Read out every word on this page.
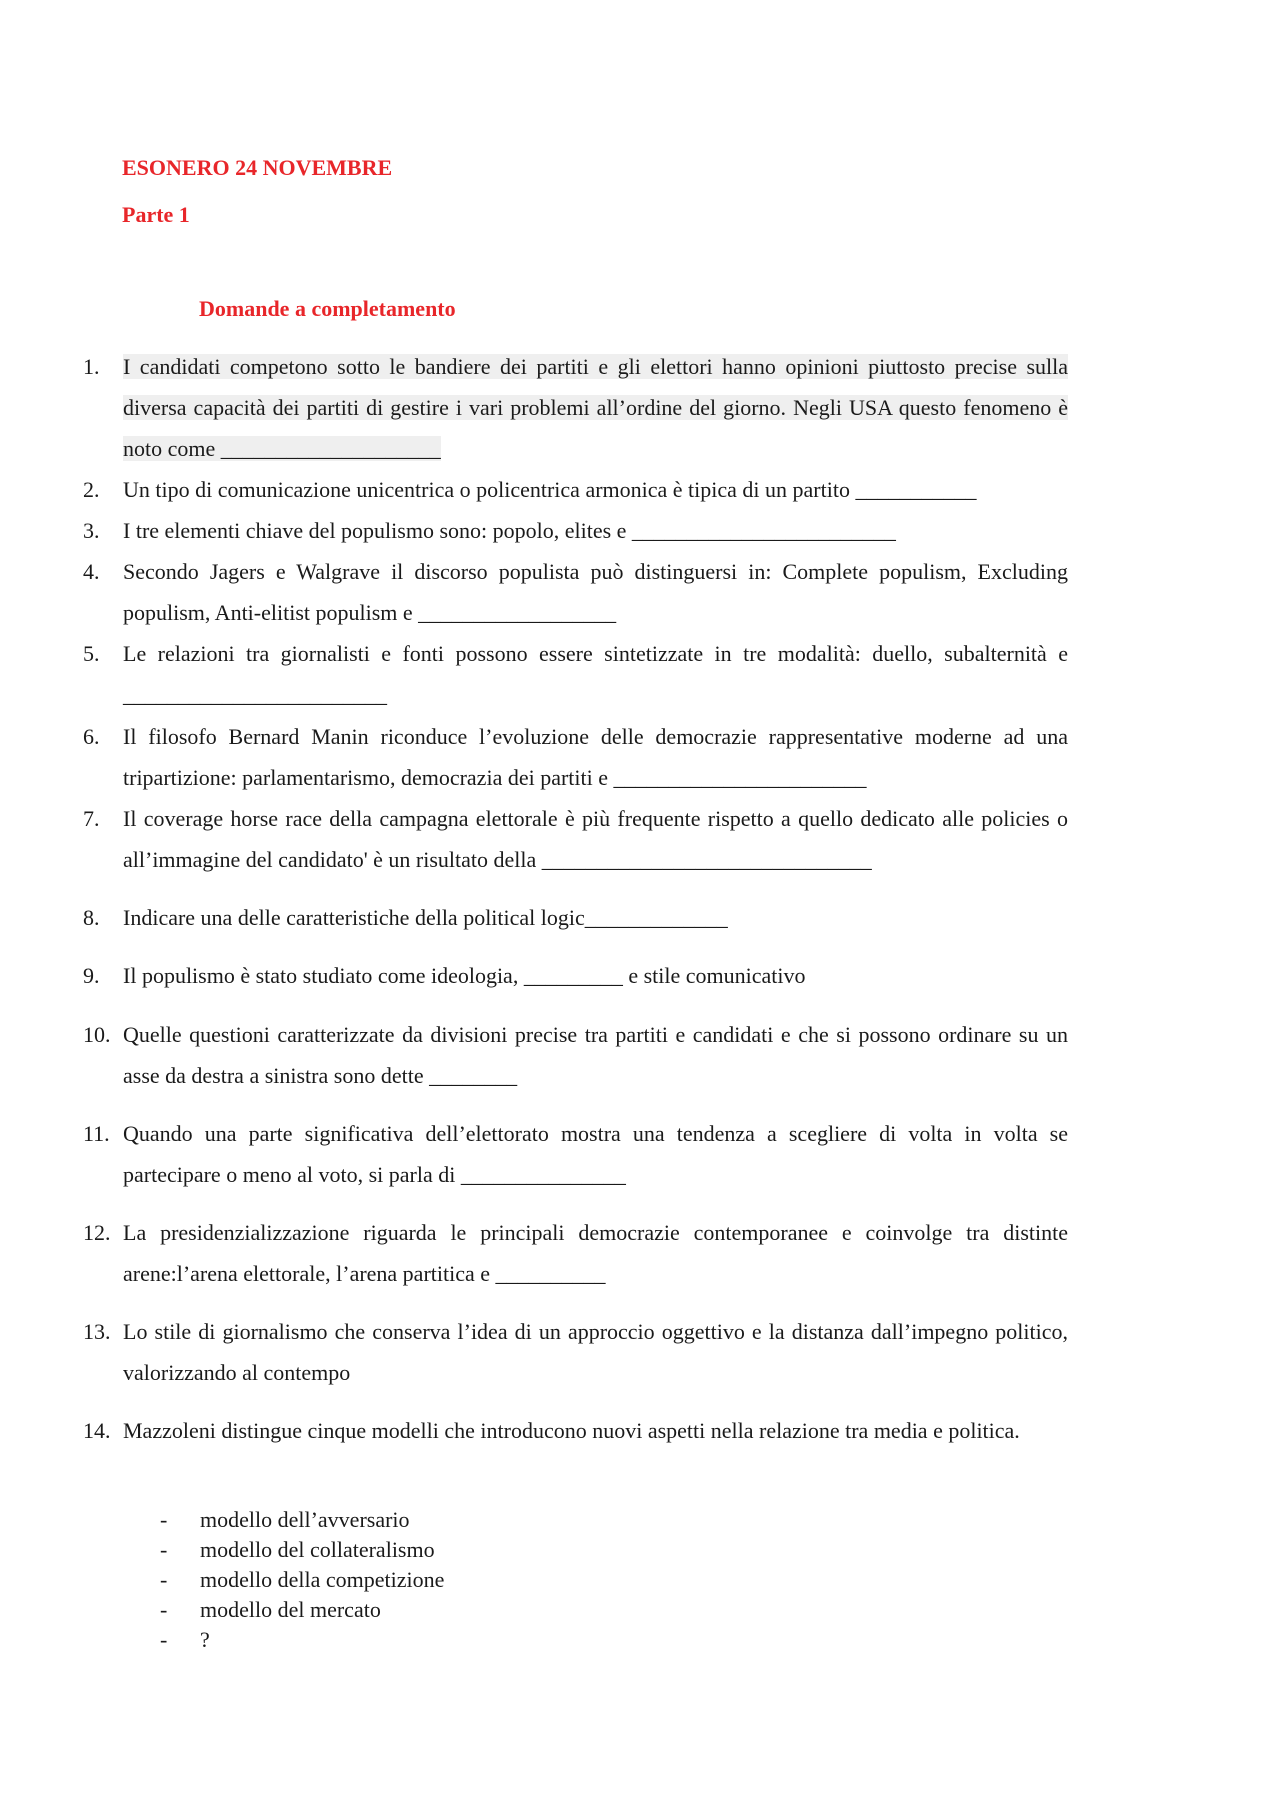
ESONERO 24 NOVEMBRE
Parte 1
Domande a completamento
1.	I candidati competono sotto le bandiere dei partiti e gli elettori hanno opinioni piuttosto precise sulla diversa capacità dei partiti di gestire i vari problemi all’ordine del giorno. Negli USA questo fenomeno è noto come ____________________
2.	Un tipo di comunicazione unicentrica o policentrica armonica è tipica di un partito ___________
3.	I tre elementi chiave del populismo sono: popolo, elites e ________________________
4.	Secondo Jagers e Walgrave il discorso populista può distinguersi in: Complete populism, Excluding populism, Anti-elitist populism e __________________
5.	Le relazioni tra giornalisti e fonti possono essere sintetizzate in tre modalità: duello, subalternità e ________________________
6.	Il filosofo Bernard Manin riconduce l’evoluzione delle democrazie rappresentative moderne ad una tripartizione: parlamentarismo, democrazia dei partiti e _______________________
7.	Il coverage horse race della campagna elettorale è più frequente rispetto a quello dedicato alle policies o all’immagine del candidato' è un risultato della ______________________________
8.	Indicare una delle caratteristiche della political logic_____________
9.	Il populismo è stato studiato come ideologia, _________ e stile comunicativo
10. Quelle questioni caratterizzate da divisioni precise tra partiti e candidati e che si possono ordinare su un asse da destra a sinistra sono dette ________
11. Quando una parte significativa dell’elettorato mostra una tendenza a scegliere di volta in volta se partecipare o meno al voto, si parla di _______________
12. La presidenzializzazione riguarda le principali democrazie contemporanee e coinvolge tra distinte arene:l’arena elettorale, l’arena partitica e __________
13. Lo stile di giornalismo che conserva l’idea di un approccio oggettivo e la distanza dall’impegno politico, valorizzando al contempo
14. Mazzoleni distingue cinque modelli che introducono nuovi aspetti nella relazione tra media e politica.
- modello dell’avversario
- modello del collateralismo
- modello della competizione
- modello del mercato
- ?
